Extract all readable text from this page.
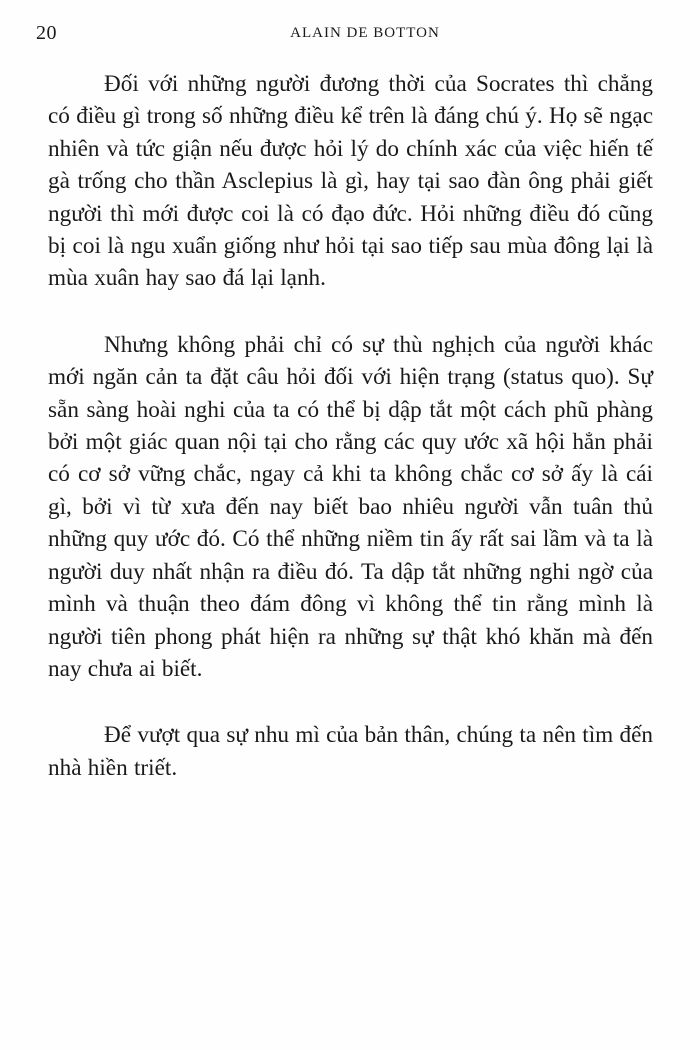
20	ALAIN DE BOTTON

Đối với những người đương thời của Socrates thì chẳng có điều gì trong số những điều kể trên là đáng chú ý. Họ sẽ ngạc nhiên và tức giận nếu được hỏi lý do chính xác của việc hiến tế gà trống cho thần Asclepius là gì, hay tại sao đàn ông phải giết người thì mới được coi là có đạo đức. Hỏi những điều đó cũng bị coi là ngu xuẩn giống như hỏi tại sao tiếp sau mùa đông lại là mùa xuân hay sao đá lại lạnh.

Nhưng không phải chỉ có sự thù nghịch của người khác mới ngăn cản ta đặt câu hỏi đối với hiện trạng (status quo). Sự sẵn sàng hoài nghi của ta có thể bị dập tắt một cách phũ phàng bởi một giác quan nội tại cho rằng các quy ước xã hội hẳn phải có cơ sở vững chắc, ngay cả khi ta không chắc cơ sở ấy là cái gì, bởi vì từ xưa đến nay biết bao nhiêu người vẫn tuân thủ những quy ước đó. Có thể những niềm tin ấy rất sai lầm và ta là người duy nhất nhận ra điều đó. Ta dập tắt những nghi ngờ của mình và thuận theo đám đông vì không thể tin rằng mình là người tiên phong phát hiện ra những sự thật khó khăn mà đến nay chưa ai biết.

Để vượt qua sự nhu mì của bản thân, chúng ta nên tìm đến nhà hiền triết.
